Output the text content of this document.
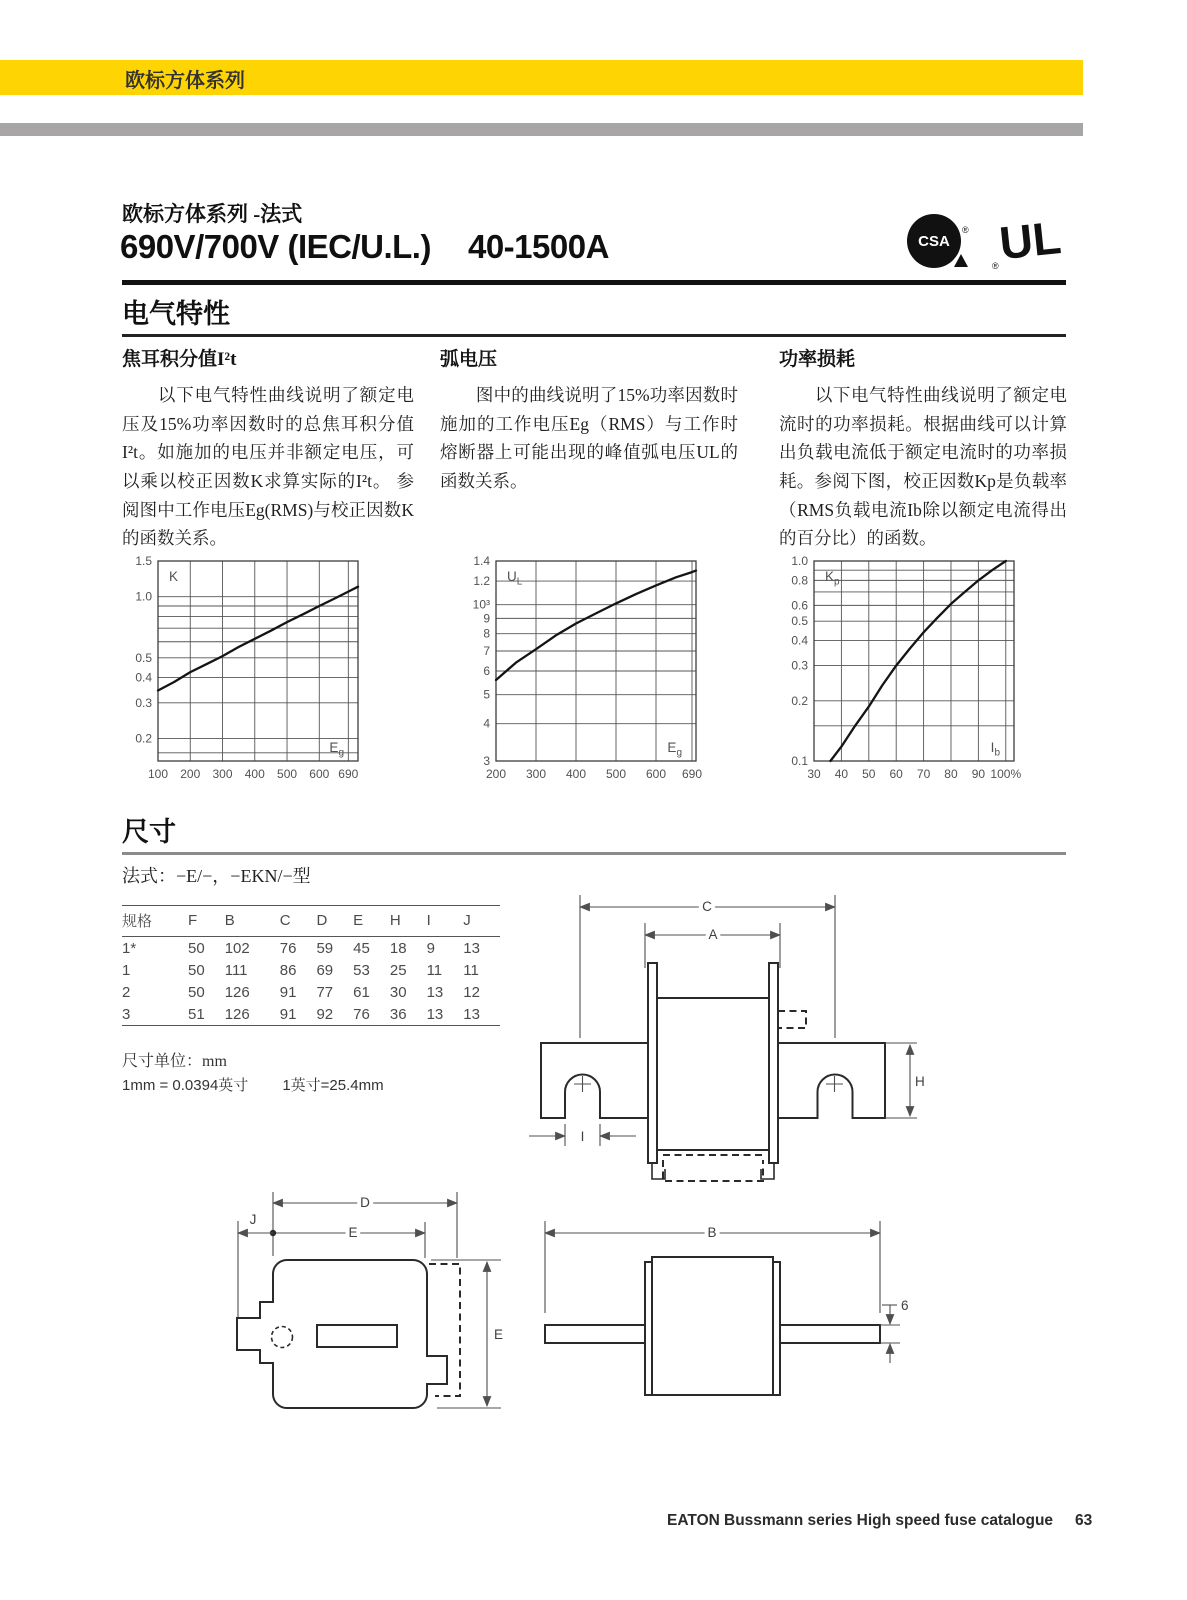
欧标方体系列
欧标方体系列 -法式
690V/700V (IEC/U.L.) 40-1500A	CSA
® UL
®
电气特性
焦耳积分值I²t

以下电气特性曲线说明了额定电压及15%功率因数时的总焦耳积分值I²t。如施加的电压并非额定电压，可以乘以校正因数K求算实际的I²t。 参阅图中工作电压Eg(RMS)与校正因数K的函数关系。

弧电压

图中的曲线说明了15%功率因数时施加的工作电压Eg（RMS）与工作时熔断器上可能出现的峰值弧电压UL的函数关系。

功率损耗

以下电气特性曲线说明了额定电流时的功率损耗。根据曲线可以计算出负载电流低于额定电流时的功率损耗。参阅下图，校正因数Kp是负载率（RMS负载电流Ib除以额定电流得出的百分比）的函数。

1.5
1.0
0.5
0.4
0.3
0.2
100 200 300 400 500 600 690
K
$E_g$
1.4
1.2
10³
9
8
7
6
5
4
3
200 300 400 500 600 690
$U_L$
$E_g$
1.0
0.8
0.6
0.5
0.4
0.3
0.2
0.1
30 40 50 60 70 80 90 100%
$K_p$
$I_b$
尺寸
法式：−E/−，−EKN/−型
规格	F	B	C	D	E	H	I	J
1*	50	102	76	59	45	18	9	13
1	50	111	86	69	53	25	11	11
2	50	126	91	77	61	30	13	12
3	51	126	91	92	76	36	13	13
尺寸单位：mm
1mm = 0.0394英寸 1英寸=25.4mm
C
A
H
I
D
E
J
E
B
6
EATON Bussmann series High speed fuse catalogue 63
